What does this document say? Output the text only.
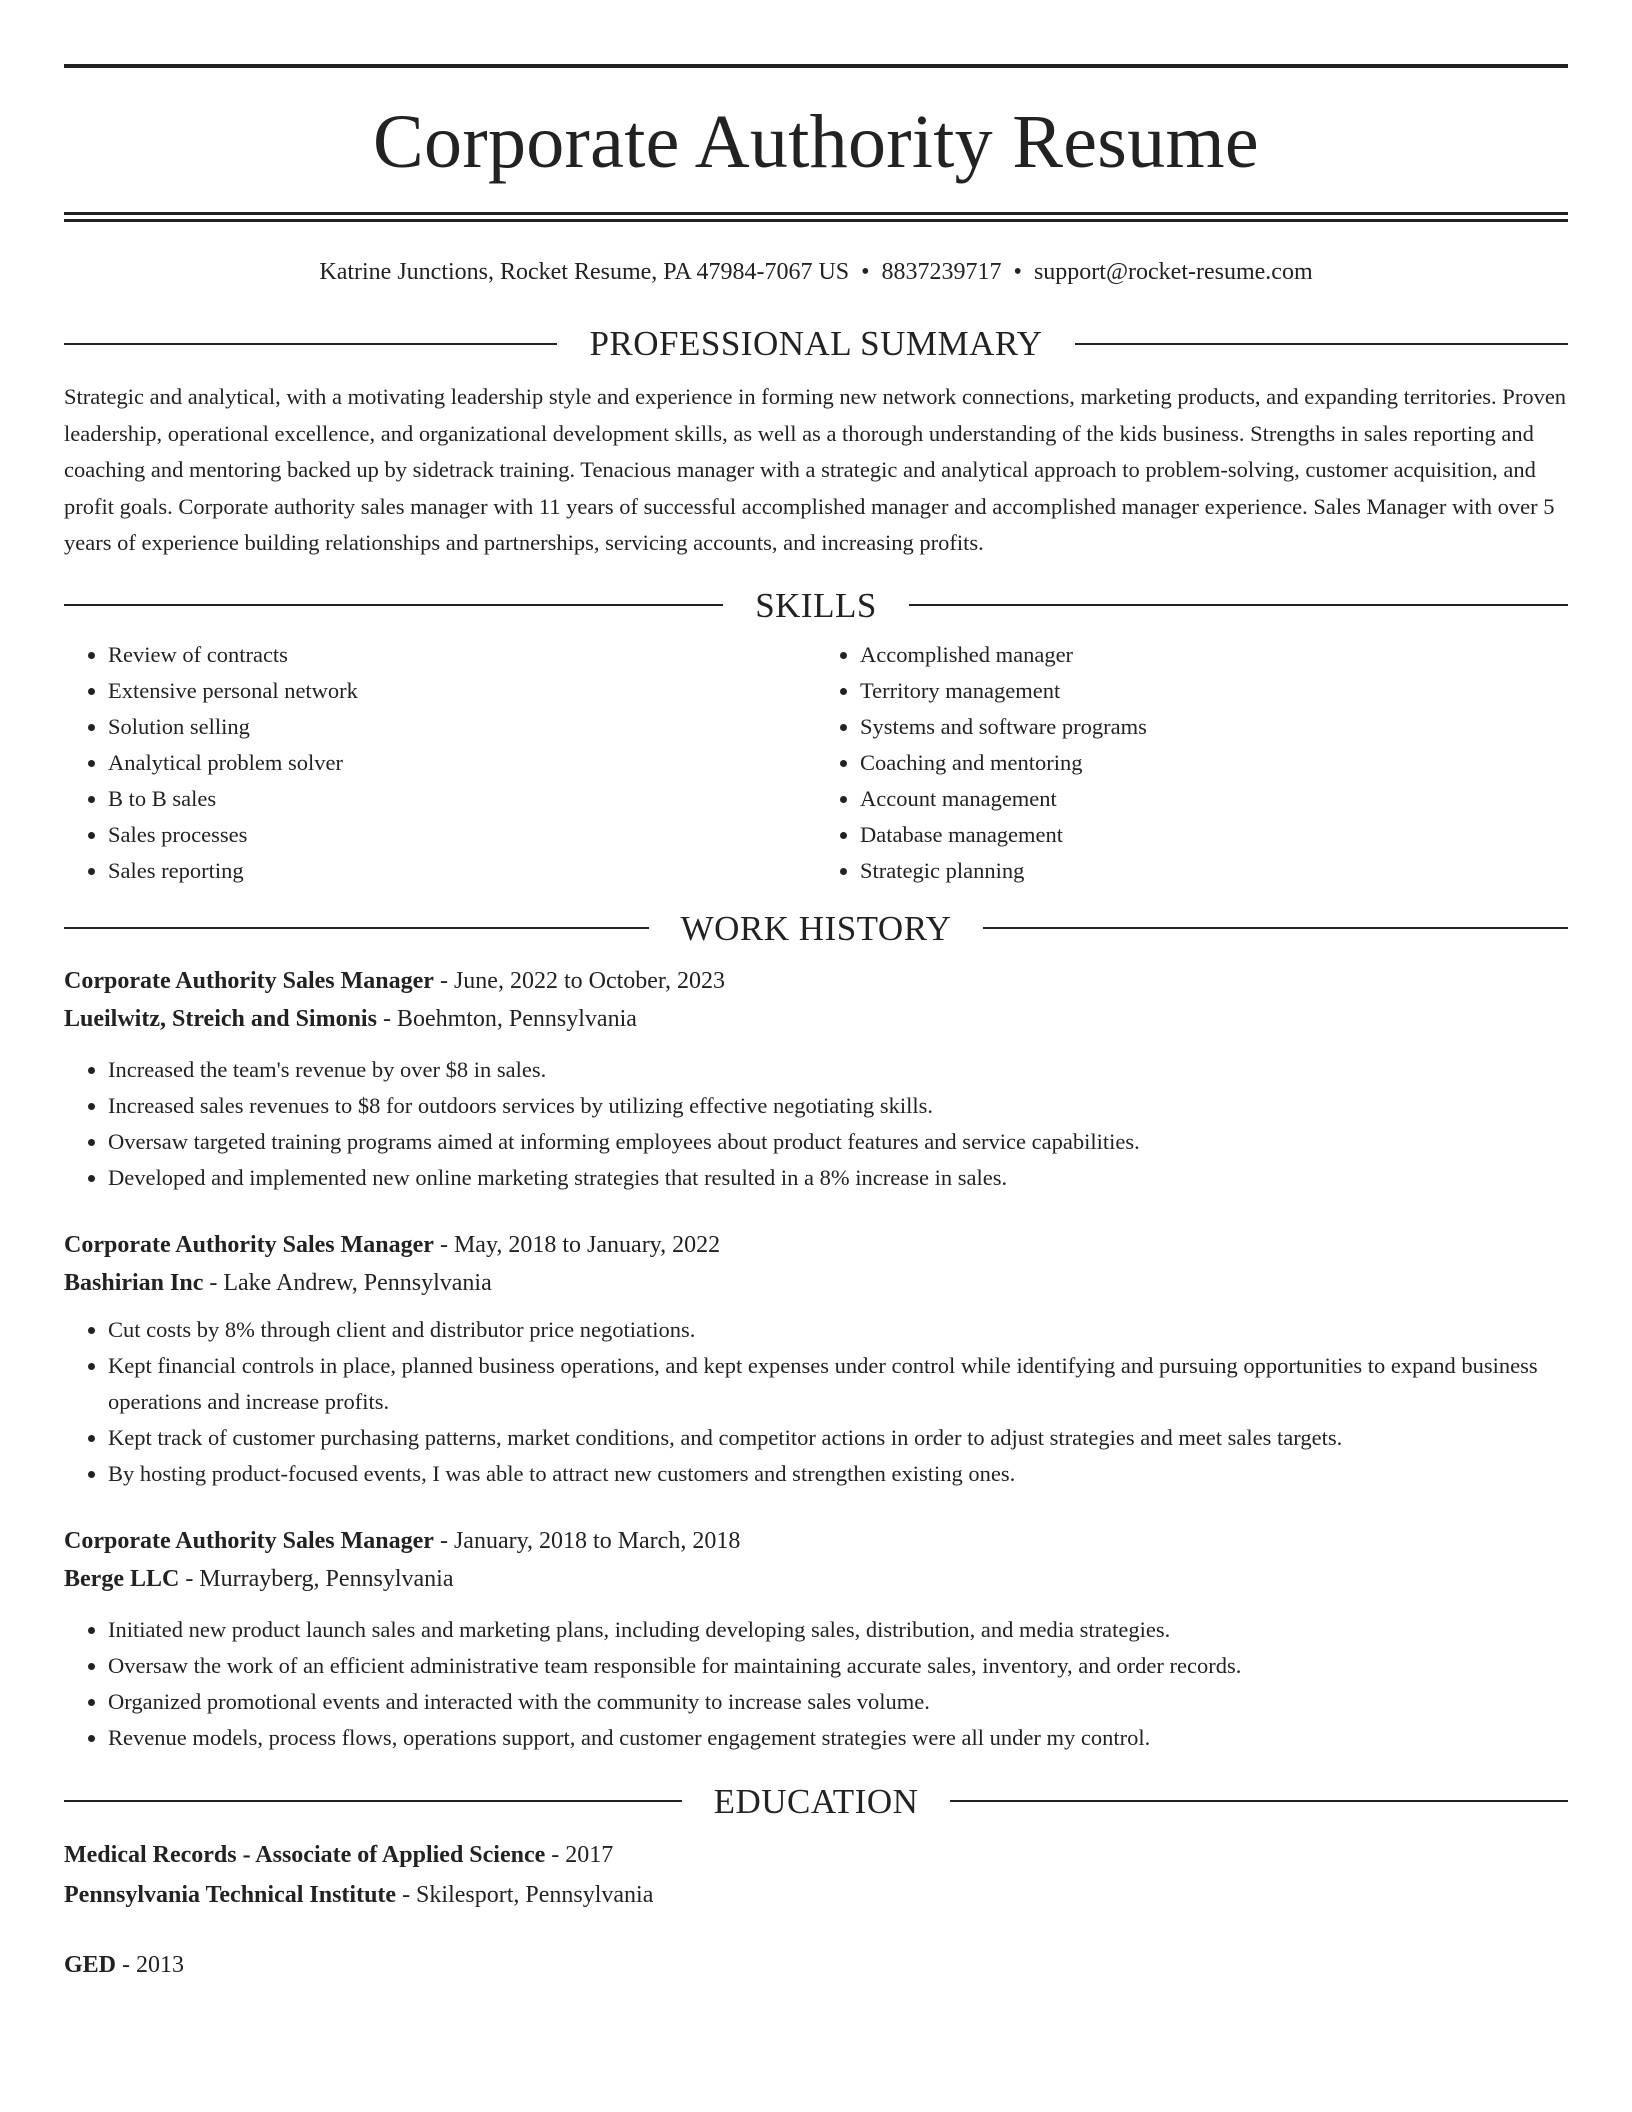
Corporate Authority Resume
Katrine Junctions, Rocket Resume, PA 47984-7067 US • 8837239717 • support@rocket-resume.com
PROFESSIONAL SUMMARY

Strategic and analytical, with a motivating leadership style and experience in forming new network connections, marketing products, and expanding territories. Proven leadership, operational excellence, and organizational development skills, as well as a thorough understanding of the kids business. Strengths in sales reporting and coaching and mentoring backed up by sidetrack training. Tenacious manager with a strategic and analytical approach to problem-solving, customer acquisition, and profit goals. Corporate authority sales manager with 11 years of successful accomplished manager and accomplished manager experience. Sales Manager with over 5 years of experience building relationships and partnerships, servicing accounts, and increasing profits.

SKILLS
• Review of contracts
• Extensive personal network
• Solution selling
• Analytical problem solver
• B to B sales
• Sales processes
• Sales reporting
• Accomplished manager
• Territory management
• Systems and software programs
• Coaching and mentoring
• Account management
• Database management
• Strategic planning
WORK HISTORY
Corporate Authority Sales Manager - June, 2022 to October, 2023
Lueilwitz, Streich and Simonis - Boehmton, Pennsylvania
• Increased the team's revenue by over $8 in sales.
• Increased sales revenues to $8 for outdoors services by utilizing effective negotiating skills.
• Oversaw targeted training programs aimed at informing employees about product features and service capabilities.
• Developed and implemented new online marketing strategies that resulted in a 8% increase in sales.
Corporate Authority Sales Manager - May, 2018 to January, 2022
Bashirian Inc - Lake Andrew, Pennsylvania
• Cut costs by 8% through client and distributor price negotiations.
• Kept financial controls in place, planned business operations, and kept expenses under control while identifying and pursuing opportunities to expand business operations and increase profits.
• Kept track of customer purchasing patterns, market conditions, and competitor actions in order to adjust strategies and meet sales targets.
• By hosting product-focused events, I was able to attract new customers and strengthen existing ones.
Corporate Authority Sales Manager - January, 2018 to March, 2018
Berge LLC - Murrayberg, Pennsylvania
• Initiated new product launch sales and marketing plans, including developing sales, distribution, and media strategies.
• Oversaw the work of an efficient administrative team responsible for maintaining accurate sales, inventory, and order records.
• Organized promotional events and interacted with the community to increase sales volume.
• Revenue models, process flows, operations support, and customer engagement strategies were all under my control.
EDUCATION
Medical Records - Associate of Applied Science - 2017
Pennsylvania Technical Institute - Skilesport, Pennsylvania
GED - 2013
